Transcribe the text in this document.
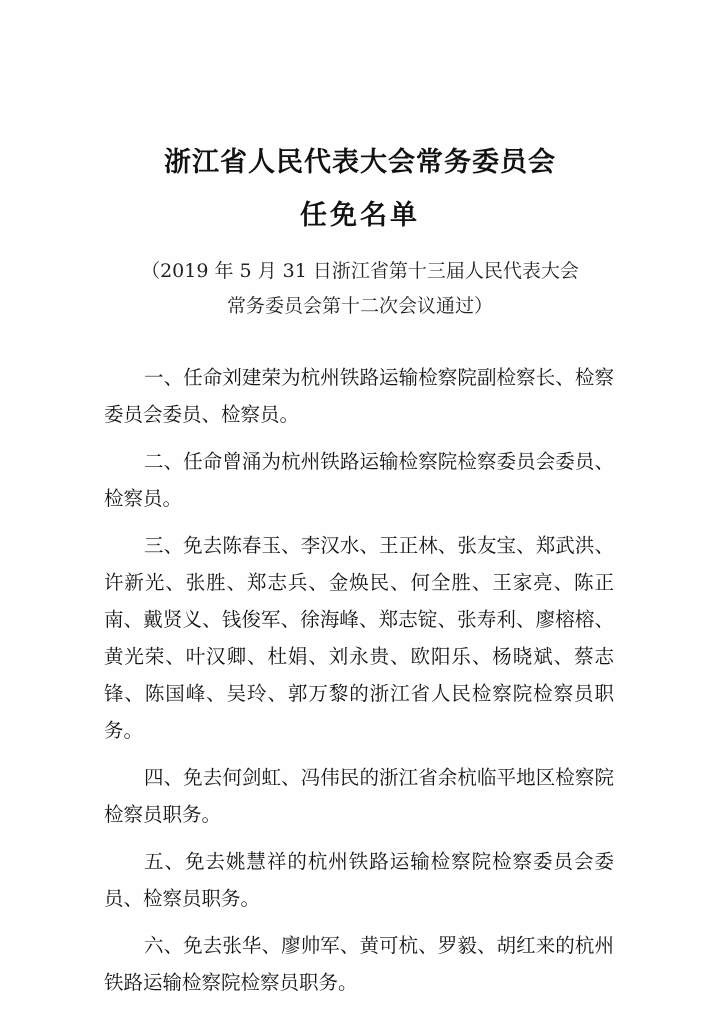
浙江省人民代表大会常务委员会
任免名单
（2019 年 5 月 31 日浙江省第十三届人民代表大会
常务委员会第十二次会议通过）

一、任命刘建荣为杭州铁路运输检察院副检察长、检察委员会委员、检察员。

二、任命曾涌为杭州铁路运输检察院检察委员会委员、检察员。

三、免去陈春玉、李汉水、王正林、张友宝、郑武洪、许新光、张胜、郑志兵、金焕民、何全胜、王家亮、陈正南、戴贤义、钱俊军、徐海峰、郑志锭、张寿利、廖榕榕、黄光荣、叶汉卿、杜娟、刘永贵、欧阳乐、杨晓斌、蔡志锋、陈国峰、吴玲、郭万黎的浙江省人民检察院检察员职务。

四、免去何剑虹、冯伟民的浙江省余杭临平地区检察院检察员职务。

五、免去姚慧祥的杭州铁路运输检察院检察委员会委员、检察员职务。

六、免去张华、廖帅军、黄可杭、罗毅、胡红来的杭州铁路运输检察院检察员职务。
